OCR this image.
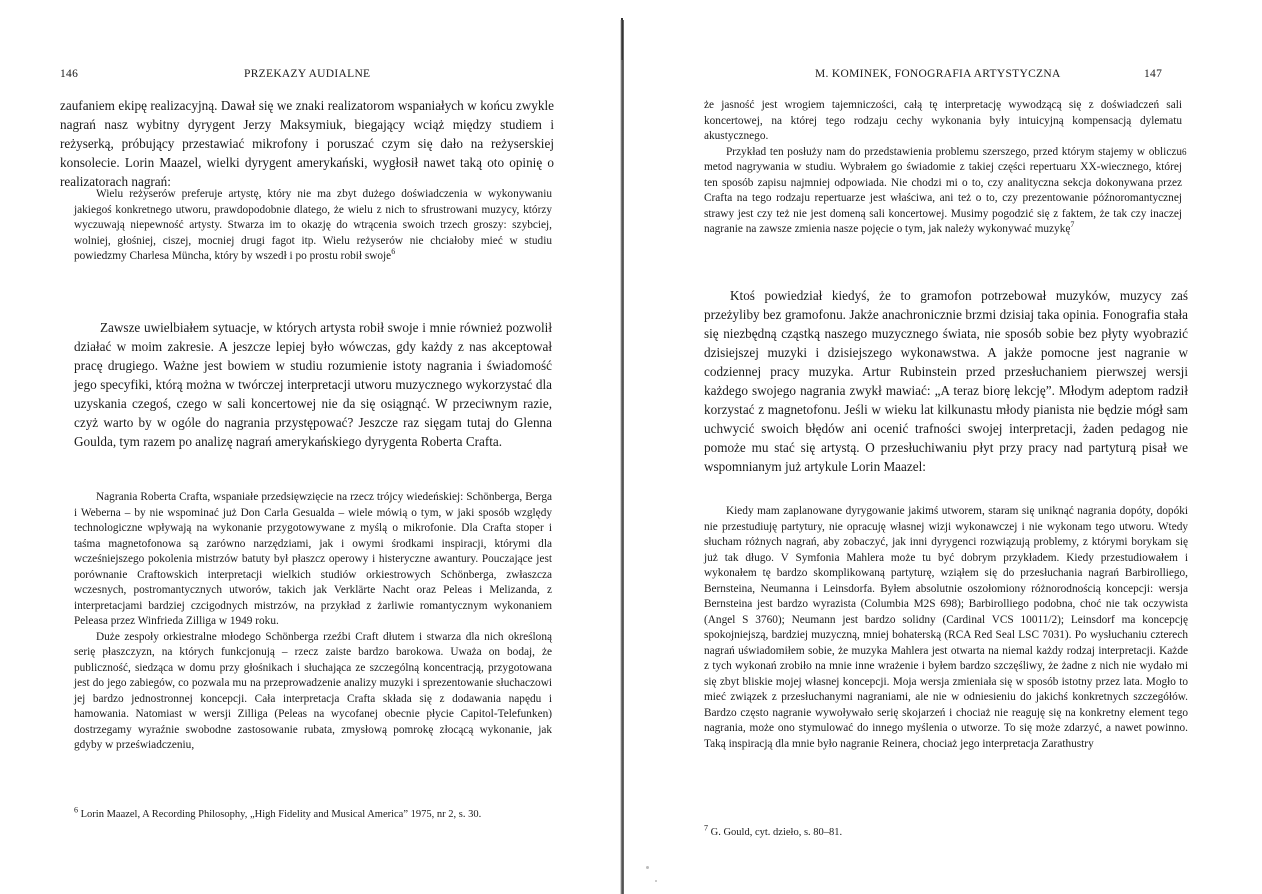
146	PRZEKAZY AUDIALNE

zaufaniem ekipę realizacyjną. Dawał się we znaki realizatorom wspaniałych w końcu zwykle nagrań nasz wybitny dyrygent Jerzy Maksymiuk, biegający wciąż między studiem i reżyserką, próbujący przestawiać mikrofony i poruszać czym się dało na reżyserskiej konsolecie. Lorin Maazel, wielki dyrygent amerykański, wygłosił nawet taką oto opinię o realizatorach nagrań:

Wielu reżyserów preferuje artystę, który nie ma zbyt dużego doświadczenia w wykonywaniu jakiegoś konkretnego utworu, prawdopodobnie dlatego, że wielu z nich to sfrustrowani muzycy, którzy wyczuwają niepewność artysty. Stwarza im to okazję do wtrącenia swoich trzech groszy: szybciej, wolniej, głośniej, ciszej, mocniej drugi fagot itp. Wielu reżyserów nie chciałoby mieć w studiu powiedzmy Charlesa Müncha, który by wszedł i po prostu robił swoje$^6$

Zawsze uwielbiałem sytuacje, w których artysta robił swoje i mnie również pozwolił działać w moim zakresie. A jeszcze lepiej było wówczas, gdy każdy z nas akceptował pracę drugiego. Ważne jest bowiem w studiu rozumienie istoty nagrania i świadomość jego specyfiki, którą można w twórczej interpretacji utworu muzycznego wykorzystać dla uzyskania czegoś, czego w sali koncertowej nie da się osiągnąć. W przeciwnym razie, czyż warto by w ogóle do nagrania przystępować? Jeszcze raz sięgam tutaj do Glenna Goulda, tym razem po analizę nagrań amerykańskiego dyrygenta Roberta Crafta.

Nagrania Roberta Crafta, wspaniałe przedsięwzięcie na rzecz trójcy wiedeńskiej: Schönberga, Berga i Weberna – by nie wspominać już Don Carla Gesualda – wiele mówią o tym, w jaki sposób względy technologiczne wpływają na wykonanie przygotowywane z myślą o mikrofonie. Dla Crafta stoper i taśma magnetofonowa są zarówno narzędziami, jak i owymi środkami inspiracji, którymi dla wcześniejszego pokolenia mistrzów batuty był płaszcz operowy i histeryczne awantury. Pouczające jest porównanie Craftowskich interpretacji wielkich studiów orkiestrowych Schönberga, zwłaszcza wczesnych, postromantycznych utworów, takich jak Verklärte Nacht oraz Peleas i Melizanda, z interpretacjami bardziej czcigodnych mistrzów, na przykład z żarliwie romantycznym wykonaniem Peleasa przez Winfrieda Zilliga w 1949 roku.

Duże zespoły orkiestralne młodego Schönberga rzeźbi Craft dłutem i stwarza dla nich określoną serię płaszczyzn, na których funkcjonują – rzecz zaiste bardzo barokowa. Uważa on bodaj, że publiczność, siedząca w domu przy głośnikach i słuchająca ze szczególną koncentracją, przygotowana jest do jego zabiegów, co pozwala mu na przeprowadzenie analizy muzyki i sprezentowanie słuchaczowi jej bardzo jednostronnej koncepcji. Cała interpretacja Crafta składa się z dodawania napędu i hamowania. Natomiast w wersji Zilliga (Peleas na wycofanej obecnie płycie Capitol-Telefunken) dostrzegamy wyraźnie swobodne zastosowanie rubata, zmysłową pomrokę złocącą wykonanie, jak gdyby w przeświadczeniu,

$^6$ Lorin Maazel, A Recording Philosophy, „High Fidelity and Musical America” 1975, nr 2, s. 30.

M. KOMINEK, FONOGRAFIA ARTYSTYCZNA	147

że jasność jest wrogiem tajemniczości, całą tę interpretację wywodzącą się z doświadczeń sali koncertowej, na której tego rodzaju cechy wykonania były intuicyjną kompensacją dylematu akustycznego.

Przykład ten posłuży nam do przedstawienia problemu szerszego, przed którym stajemy w obliczu metod nagrywania w studiu. Wybrałem go świadomie z takiej części repertuaru XX-wiecznego, której ten sposób zapisu najmniej odpowiada. Nie chodzi mi o to, czy analityczna sekcja dokonywana przez Crafta na tego rodzaju repertuarze jest właściwa, ani też o to, czy prezentowanie późnoromantycznej strawy jest czy też nie jest domeną sali koncertowej. Musimy pogodzić się z faktem, że tak czy inaczej nagranie na zawsze zmienia nasze pojęcie o tym, jak należy wykonywać muzykę$^7$

6

Ktoś powiedział kiedyś, że to gramofon potrzebował muzyków, muzycy zaś przeżyliby bez gramofonu. Jakże anachronicznie brzmi dzisiaj taka opinia. Fonografia stała się niezbędną cząstką naszego muzycznego świata, nie sposób sobie bez płyty wyobrazić dzisiejszej muzyki i dzisiejszego wykonawstwa. A jakże pomocne jest nagranie w codziennej pracy muzyka. Artur Rubinstein przed przesłuchaniem pierwszej wersji każdego swojego nagrania zwykł mawiać: „A teraz biorę lekcję”. Młodym adeptom radził korzystać z magnetofonu. Jeśli w wieku lat kilkunastu młody pianista nie będzie mógł sam uchwycić swoich błędów ani ocenić trafności swojej interpretacji, żaden pedagog nie pomoże mu stać się artystą. O przesłuchiwaniu płyt przy pracy nad partyturą pisał we wspomnianym już artykule Lorin Maazel:

Kiedy mam zaplanowane dyrygowanie jakimś utworem, staram się uniknąć nagrania dopóty, dopóki nie przestudiuję partytury, nie opracuję własnej wizji wykonawczej i nie wykonam tego utworu. Wtedy słucham różnych nagrań, aby zobaczyć, jak inni dyrygenci rozwiązują problemy, z którymi borykam się już tak długo. V Symfonia Mahlera może tu być dobrym przykładem. Kiedy przestudiowałem i wykonałem tę bardzo skomplikowaną partyturę, wziąłem się do przesłuchania nagrań Barbirolliego, Bernsteina, Neumanna i Leinsdorfa. Byłem absolutnie oszołomiony różnorodnością koncepcji: wersja Bernsteina jest bardzo wyrazista (Columbia M2S 698); Barbirolliego podobna, choć nie tak oczywista (Angel S 3760); Neumann jest bardzo solidny (Cardinal VCS 10011/2); Leinsdorf ma koncepcję spokojniejszą, bardziej muzyczną, mniej bohaterską (RCA Red Seal LSC 7031). Po wysłuchaniu czterech nagrań uświadomiłem sobie, że muzyka Mahlera jest otwarta na niemal każdy rodzaj interpretacji. Każde z tych wykonań zrobiło na mnie inne wrażenie i byłem bardzo szczęśliwy, że żadne z nich nie wydało mi się zbyt bliskie mojej własnej koncepcji. Moja wersja zmieniała się w sposób istotny przez lata. Mogło to mieć związek z przesłuchanymi nagraniami, ale nie w odniesieniu do jakichś konkretnych szczegółów. Bardzo często nagranie wywoływało serię skojarzeń i chociaż nie reaguję się na konkretny element tego nagrania, może ono stymulować do innego myślenia o utworze. To się może zdarzyć, a nawet powinno. Taką inspiracją dla mnie było nagranie Reinera, chociaż jego interpretacja Zarathustry

$^7$ G. Gould, cyt. dzieło, s. 80–81.
